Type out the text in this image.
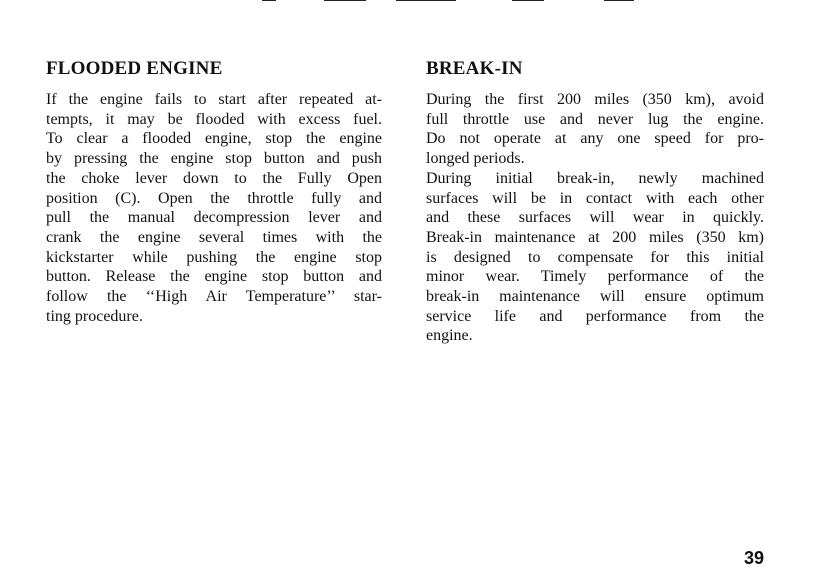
FLOODED ENGINE

If the engine fails to start after repeated at-

tempts, it may be flooded with excess fuel.

To clear a flooded engine, stop the engine

by pressing the engine stop button and push

the choke lever down to the Fully Open

position (C). Open the throttle fully and

pull the manual decompression lever and

crank the engine several times with the

kickstarter while pushing the engine stop

button. Release the engine stop button and

follow the ‘‘High Air Temperature’’ star-

ting procedure.

BREAK-IN

During the first 200 miles (350 km), avoid

full throttle use and never lug the engine.

Do not operate at any one speed for pro-

longed periods.

During initial break-in, newly machined

surfaces will be in contact with each other

and these surfaces will wear in quickly.

Break-in maintenance at 200 miles (350 km)

is designed to compensate for this initial

minor wear. Timely performance of the

break-in maintenance will ensure optimum

service life and performance from the

engine.

39
